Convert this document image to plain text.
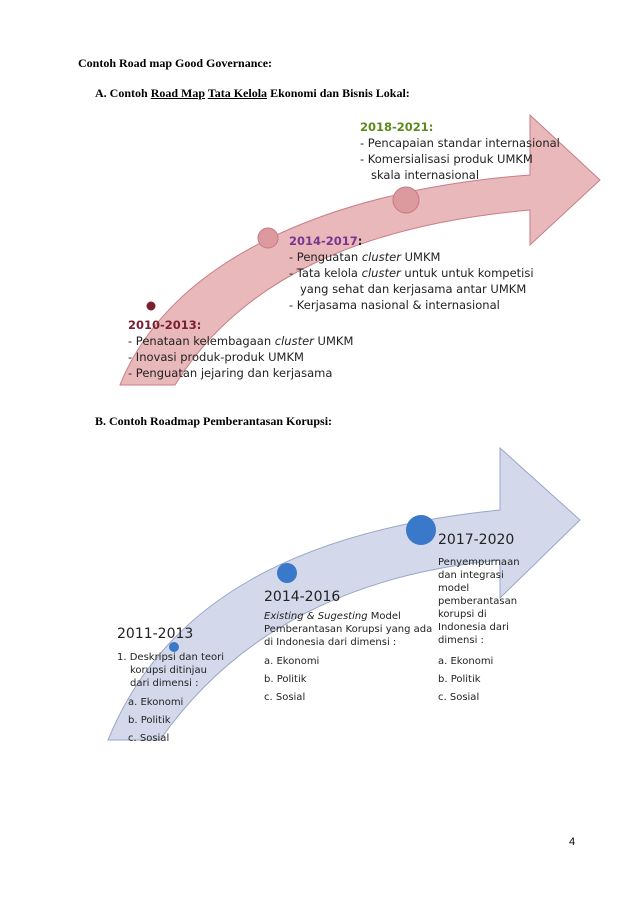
Contoh Road map Good Governance:
A. Contoh Road Map Tata Kelola Ekonomi dan Bisnis Lokal:
2010-2013:
- Penataan kelembagaan cluster UMKM
- Inovasi produk-produk UMKM
- Penguatan jejaring dan kerjasama
2014-2017:
- Penguatan cluster UMKM
- Tata kelola cluster untuk untuk kompetisi
yang sehat dan kerjasama antar UMKM
- Kerjasama nasional & internasional
2018-2021:
- Pencapaian standar internasional
- Komersialisasi produk UMKM
skala internasional
2011-2013
1. Deskripsi dan teori
korupsi ditinjau
dari dimensi :
a. Ekonomi
b. Politik
c. Sosial
2014-2016
Existing & Sugesting Model
Pemberantasan Korupsi yang ada
di Indonesia dari dimensi :
a. Ekonomi
b. Politik
c. Sosial
2017-2020
Penyempurnaan
dan integrasi
model
pemberantasan
korupsi di
Indonesia dari
dimensi :
a. Ekonomi
b. Politik
c. Sosial
B. Contoh Roadmap Pemberantasan Korupsi:
4
